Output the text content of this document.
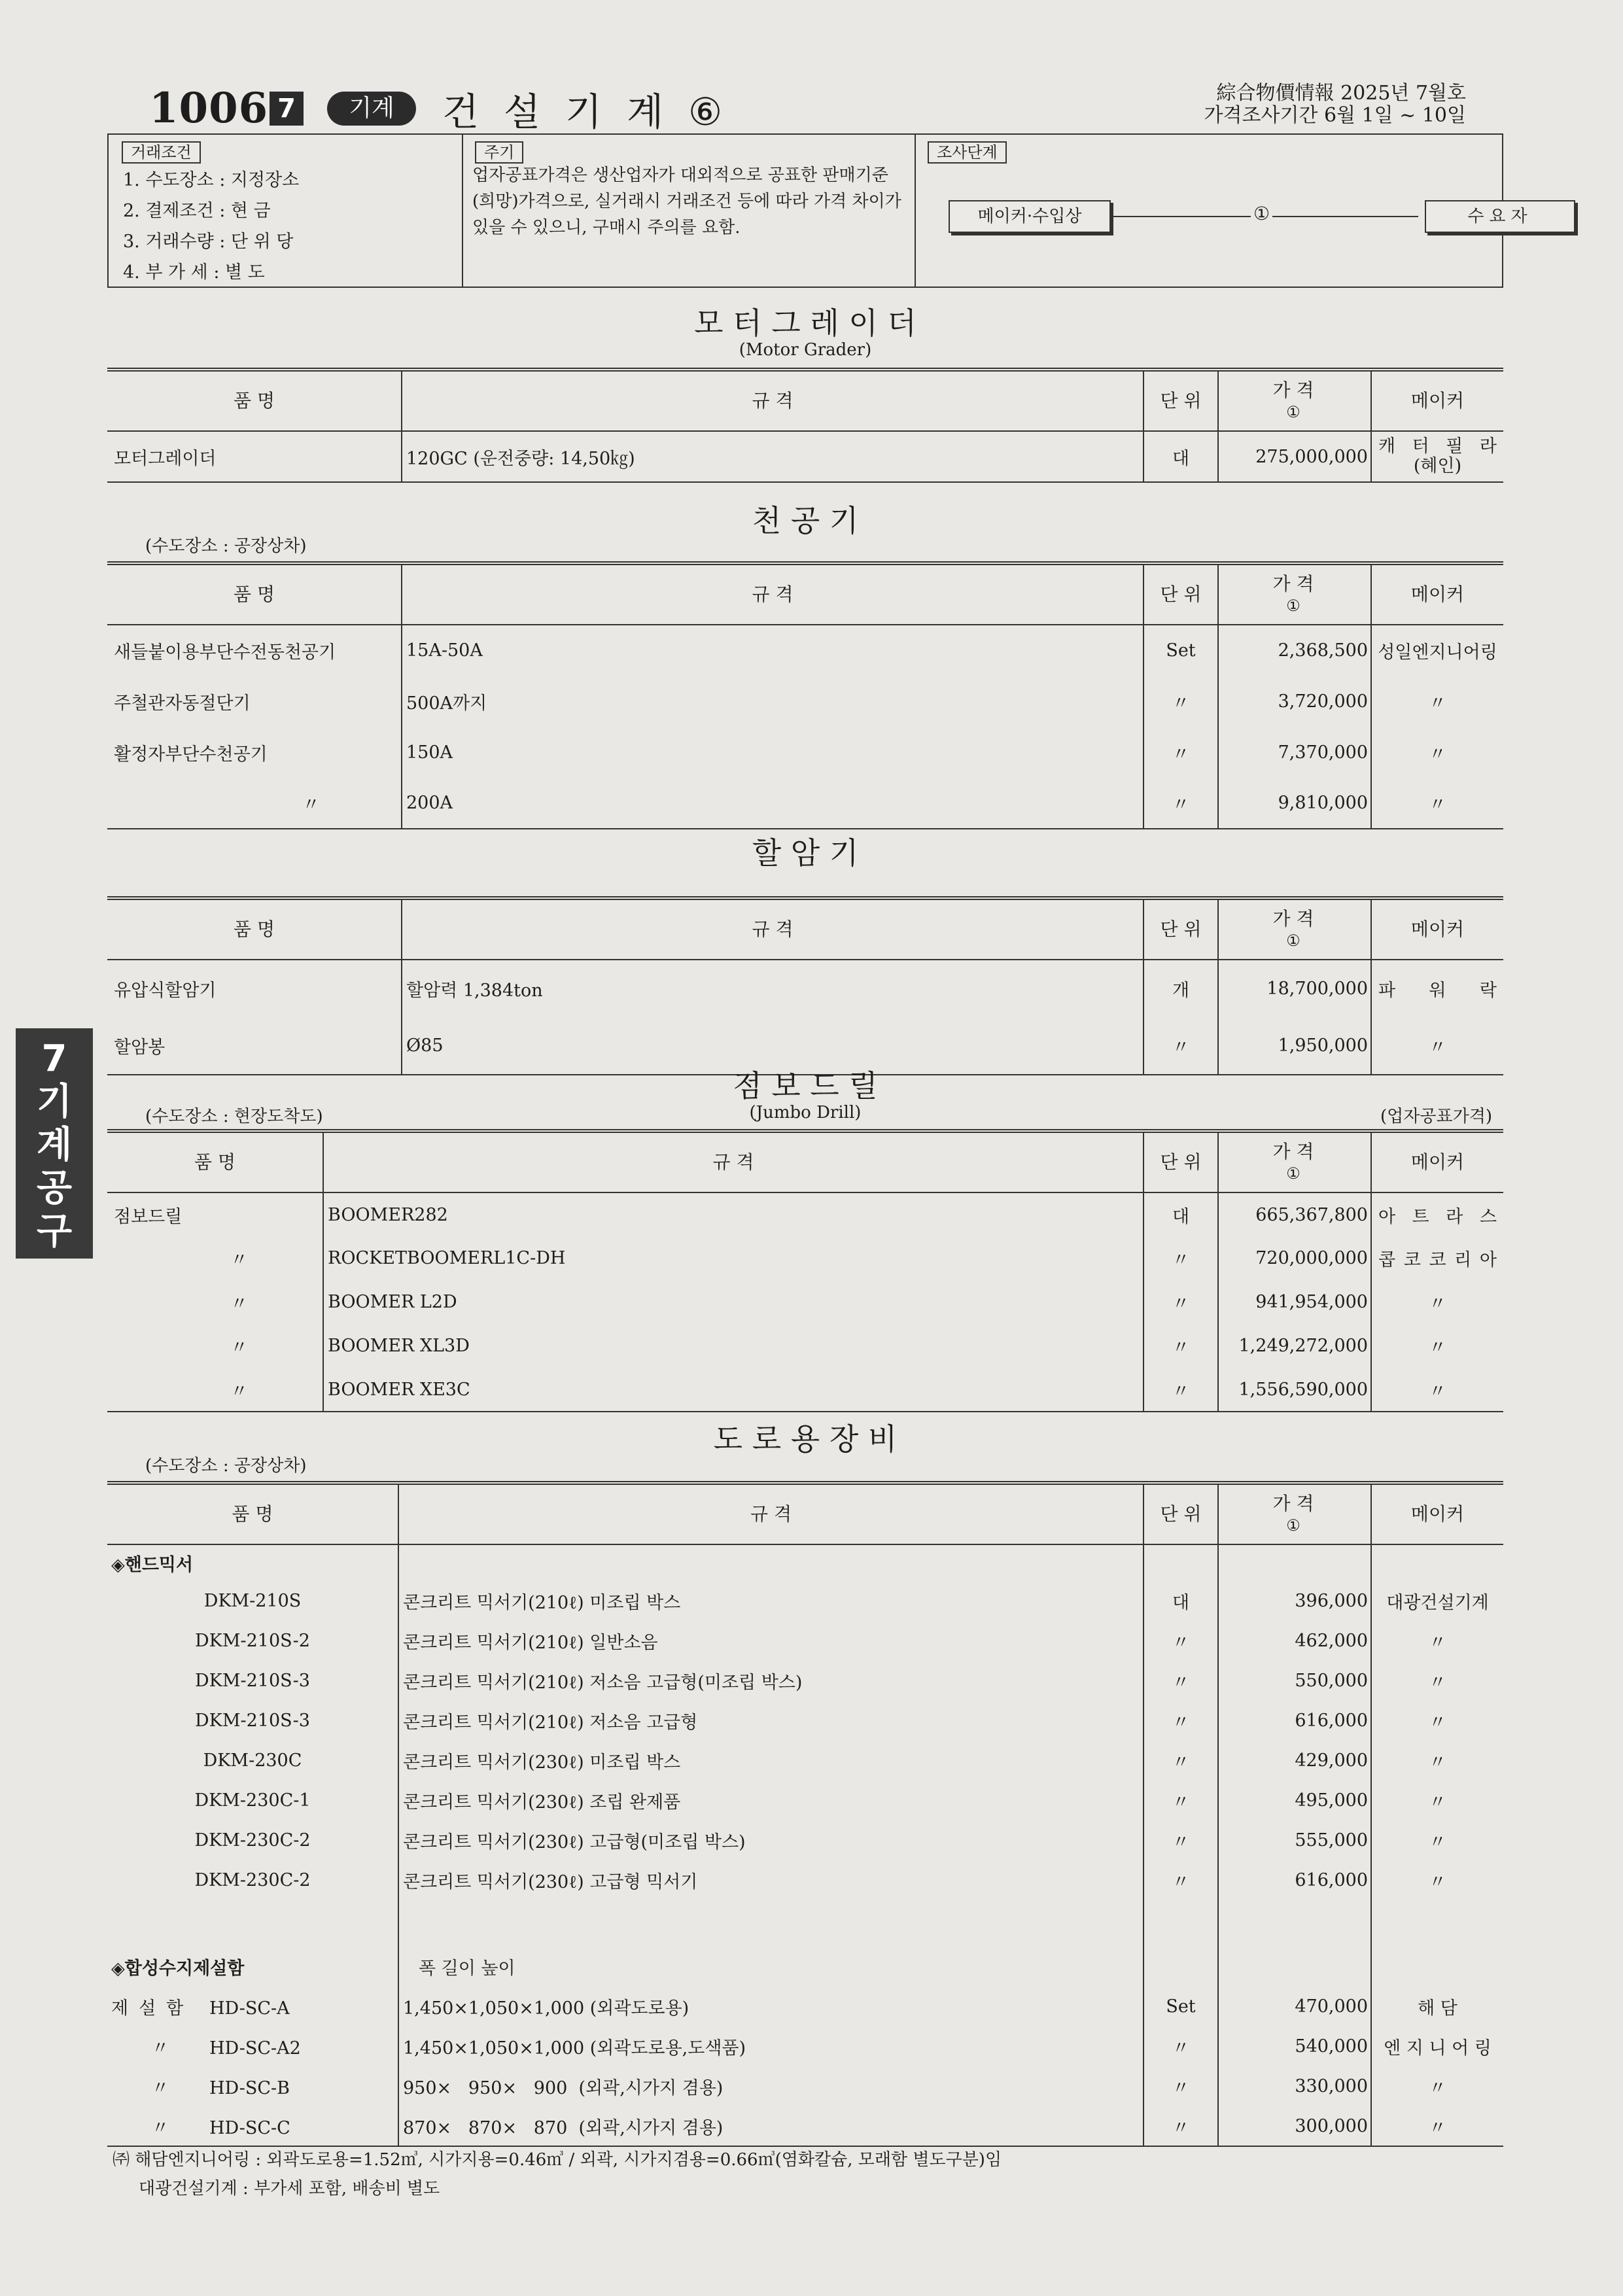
1006 7	기계	건설기계⑥	綜合物價情報 2025년 7월호
가격조사기간 6월 1일 ~ 10일
거래조건
1. 수도장소 : 지정장소
2. 결제조건 : 현 금
3. 거래수량 : 단 위 당
4. 부 가 세 : 별 도
주기
업자공표가격은 생산업자가 대외적으로 공표한 판매기준(희망)가격으로, 실거래시 거래조건 등에 따라 가격 차이가 있을 수 있으니, 구매시 주의를 요함.
조사단계
메이커·수입상	①	수요자
7
기계공구
모 터 그 레 이 더
(Motor Grader)
품 명	규 격	단 위	가 격
①	메이커

모터그레이더	120GC (운전중량: 14,50㎏)	대	275,000,000	캐 터 필 라
(혜인)
천 공 기
(수도장소 : 공장상차)
품 명	규 격	단 위	가 격
①	메이커

새들붙이용부단수전동천공기	15A-50A	Set	2,368,500	성일엔지니어링

주철관자동절단기	500A까지	〃	3,720,000	〃

활정자부단수천공기	150A	〃	7,370,000	〃
〃	200A	〃	9,810,000	〃
할 암 기
품 명	규 격	단 위	가 격
①	메이커

유압식할암기	할암력 1,384ton	개	18,700,000	파 워 락

할암봉	Ø85	〃	1,950,000	〃
점 보 드 릴
(Jumbo Drill)
(수도장소 : 현장도착도)	(업자공표가격)
품 명	규 격	단 위	가 격
①	메이커

점보드릴	BOOMER282	대	665,367,800	아 트 라 스

〃	ROCKETBOOMERL1C-DH	〃	720,000,000	콥 코 코 리 아

〃	BOOMER L2D	〃	941,954,000	〃
〃	BOOMER XL3D	〃	1,249,272,000	〃
〃	BOOMER XE3C	〃	1,556,590,000	〃
도 로 용 장 비
(수도장소 : 공장상차)
품 명	규 격	단 위	가 격
①	메이커
◈핸드믹서				
DKM-210S	콘크리트 믹서기(210ℓ) 미조립 박스	대	396,000	대광건설기계
DKM-210S-2	콘크리트 믹서기(210ℓ) 일반소음	〃	462,000	〃
DKM-210S-3	콘크리트 믹서기(210ℓ) 저소음 고급형(미조립 박스)	〃	550,000	〃
DKM-210S-3	콘크리트 믹서기(210ℓ) 저소음 고급형	〃	616,000	〃
DKM-230C	콘크리트 믹서기(230ℓ) 미조립 박스	〃	429,000	〃
DKM-230C-1	콘크리트 믹서기(230ℓ) 조립 완제품	〃	495,000	〃
DKM-230C-2	콘크리트 믹서기(230ℓ) 고급형(미조립 박스)	〃	555,000	〃
DKM-230C-2	콘크리트 믹서기(230ℓ) 고급형 믹서기	〃	616,000	〃

◈합성수지제설함	폭 길이 높이			
제설함 HD-SC-A	1,450×1,050×1,000 (외곽도로용)	Set	470,000	해 담
〃 HD-SC-A2	1,450×1,050×1,000 (외곽도로용,도색품)	〃	540,000	엔 지 니 어 링
〃 HD-SC-B	950×   950×   900  (외곽,시가지 겸용)	〃	330,000	〃
〃 HD-SC-C	870×   870×   870  (외곽,시가지 겸용)	〃	300,000	〃
㈜ 해담엔지니어링 : 외곽도로용=1.52㎥, 시가지용=0.46㎥ / 외곽, 시가지겸용=0.66㎥(염화칼슘, 모래함 별도구분)임
대광건설기계 : 부가세 포함, 배송비 별도
